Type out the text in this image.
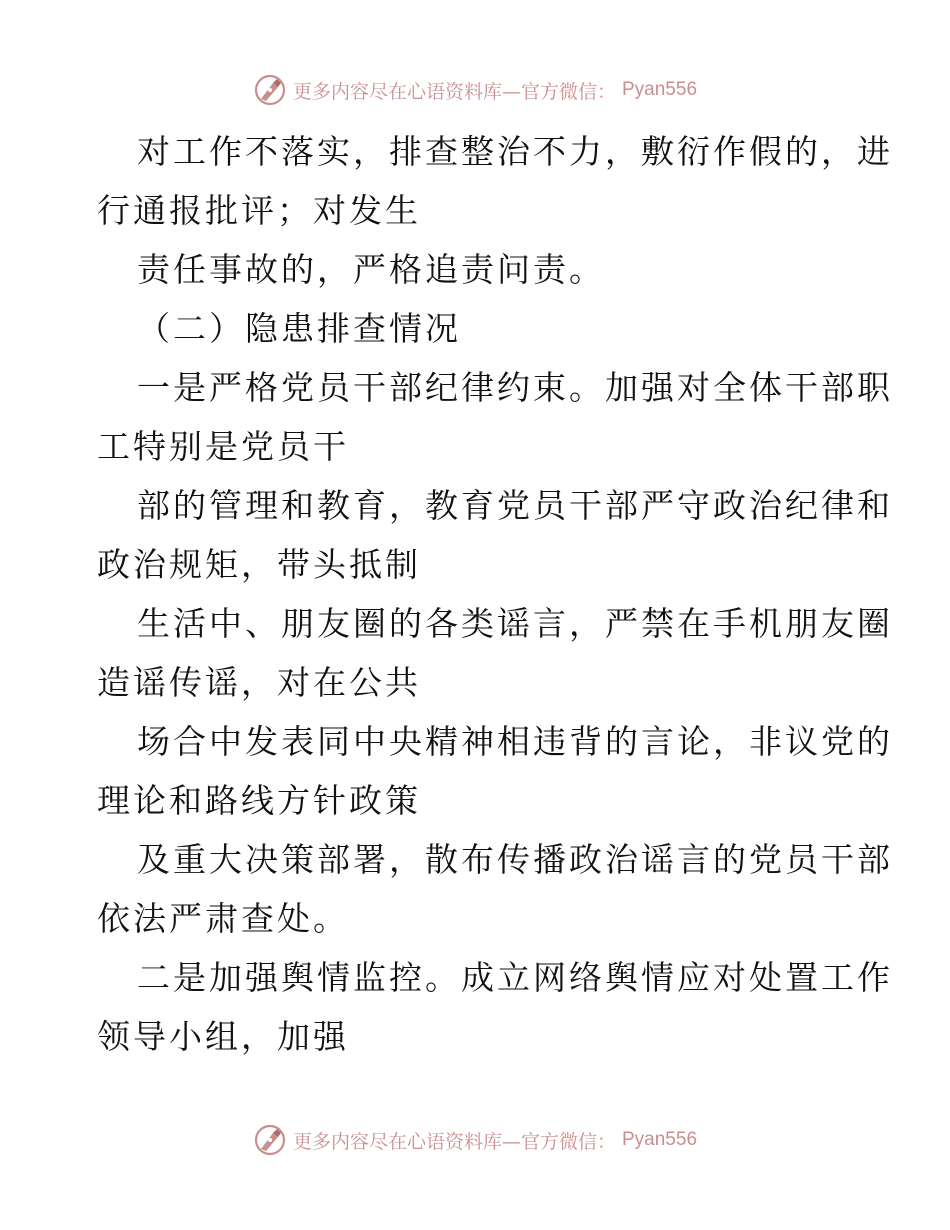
更多内容尽在心语资料库—官方微信： Pyan556
对工作不落实，排查整治不力，敷衍作假的，进
行通报批评；对发生
责任事故的，严格追责问责。
（二）隐患排查情况
一是严格党员干部纪律约束。加强对全体干部职
工特别是党员干
部的管理和教育，教育党员干部严守政治纪律和
政治规矩，带头抵制
生活中、朋友圈的各类谣言，严禁在手机朋友圈
造谣传谣，对在公共
场合中发表同中央精神相违背的言论，非议党的
理论和路线方针政策
及重大决策部署，散布传播政治谣言的党员干部
依法严肃查处。
二是加强舆情监控。成立网络舆情应对处置工作
领导小组，加强
更多内容尽在心语资料库—官方微信： Pyan556
